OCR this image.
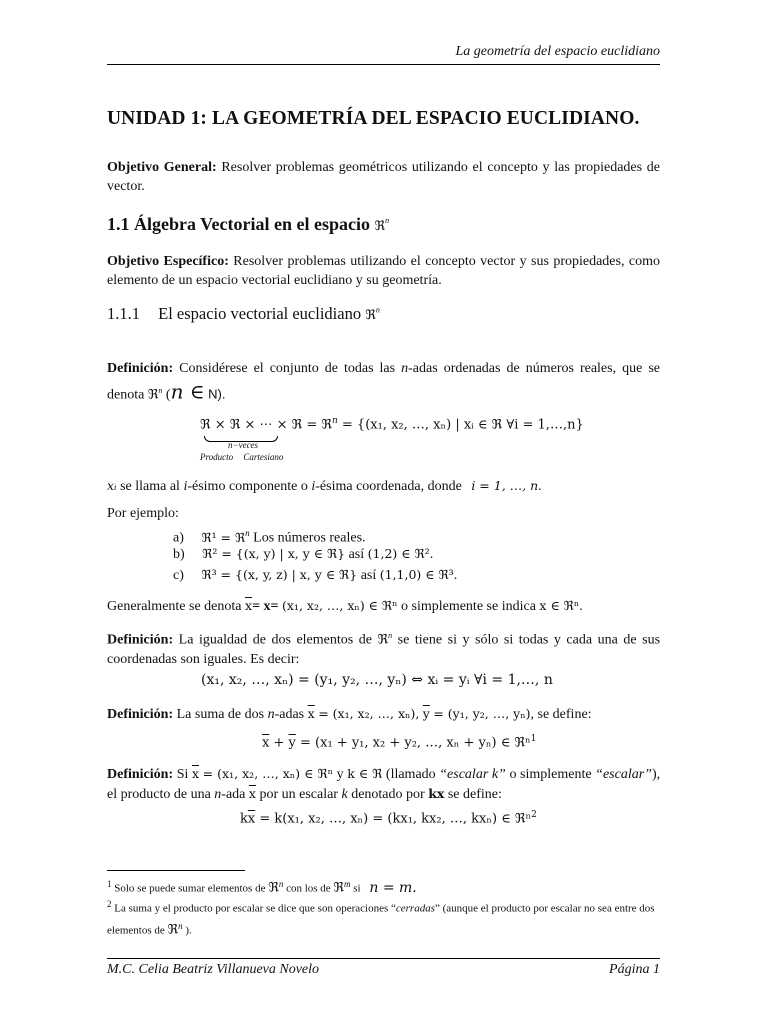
La geometría del espacio euclidiano
UNIDAD 1: LA GEOMETRÍA DEL ESPACIO EUCLIDIANO.
Objetivo General: Resolver problemas geométricos utilizando el concepto y las propiedades de vector.
1.1 Álgebra Vectorial en el espacio ℜ$^n$
Objetivo Específico: Resolver problemas utilizando el concepto vector y sus propiedades, como elemento de un espacio vectorial euclidiano y su geometría.
1.1.1 El espacio vectorial euclidiano ℜ$^n$
Definición: Considérese el conjunto de todas las n-adas ordenadas de números reales, que se denota ℜ$^n$ (n ∈ N).
ℜ × ℜ × ⋯ × ℜ = ℜ$^n$ = {(x₁, x₂, …, xₙ) | xᵢ ∈ ℜ ∀i = 1,…,n}
n−veces
Producto Cartesiano
xᵢ se llama al i-ésimo componente o i-ésima coordenada, donde i = 1, …, n.
Por ejemplo:
a) ℜ¹ = ℜ$^n$ Los números reales.
b) ℜ² = {(x, y) | x, y ∈ ℜ} así (1,2) ∈ ℜ².
c) ℜ³ = {(x, y, z) | x, y ∈ ℜ} así (1,1,0) ∈ ℜ³.
Generalmente se denota $\overline{x}= x= (x_1$, x₂, …, xₙ) ∈ ℜⁿ o simplemente se indica x ∈ ℜⁿ.
Definición: La igualdad de dos elementos de ℜ$^n$ se tiene si y sólo si todas y cada una de sus coordenadas son iguales. Es decir:
(x₁, x₂, …, xₙ) = (y₁, y₂, …, yₙ) ⇔ xᵢ = yᵢ ∀i = 1,…, n
Definición: La suma de dos n-adas $\overline{x} = (x_1$, x₂, …, xₙ), $\overline{y} = (y_1$, y₂, …, yₙ), se define:
$\overline{x} + \overline{y} = (x_1 + y_1$, x₂ + y₂, …, xₙ + yₙ) ∈ ℜⁿ$^1$
Definición: Si $\overline{x} = (x_1$, x₂, …, xₙ) ∈ ℜⁿ y k ∈ ℜ (llamado “escalar k” o simplemente “escalar”), el producto de una n-ada $\overline{x}$ por un escalar k denotado por kx se define:
$k\overline{x} = k(x_1$, x₂, …, xₙ) = (kx₁, kx₂, …, kxₙ) ∈ ℜⁿ$^2$
$^1$ Solo se puede sumar elementos de ℜ$^n$ con los de ℜ$^m$ si n = m.
$^2$ La suma y el producto por escalar se dice que son operaciones “cerradas” (aunque el producto por escalar no sea entre dos elementos de ℜ$^n$ ).
M.C. Celia Beatriz Villanueva Novelo	Página 1
